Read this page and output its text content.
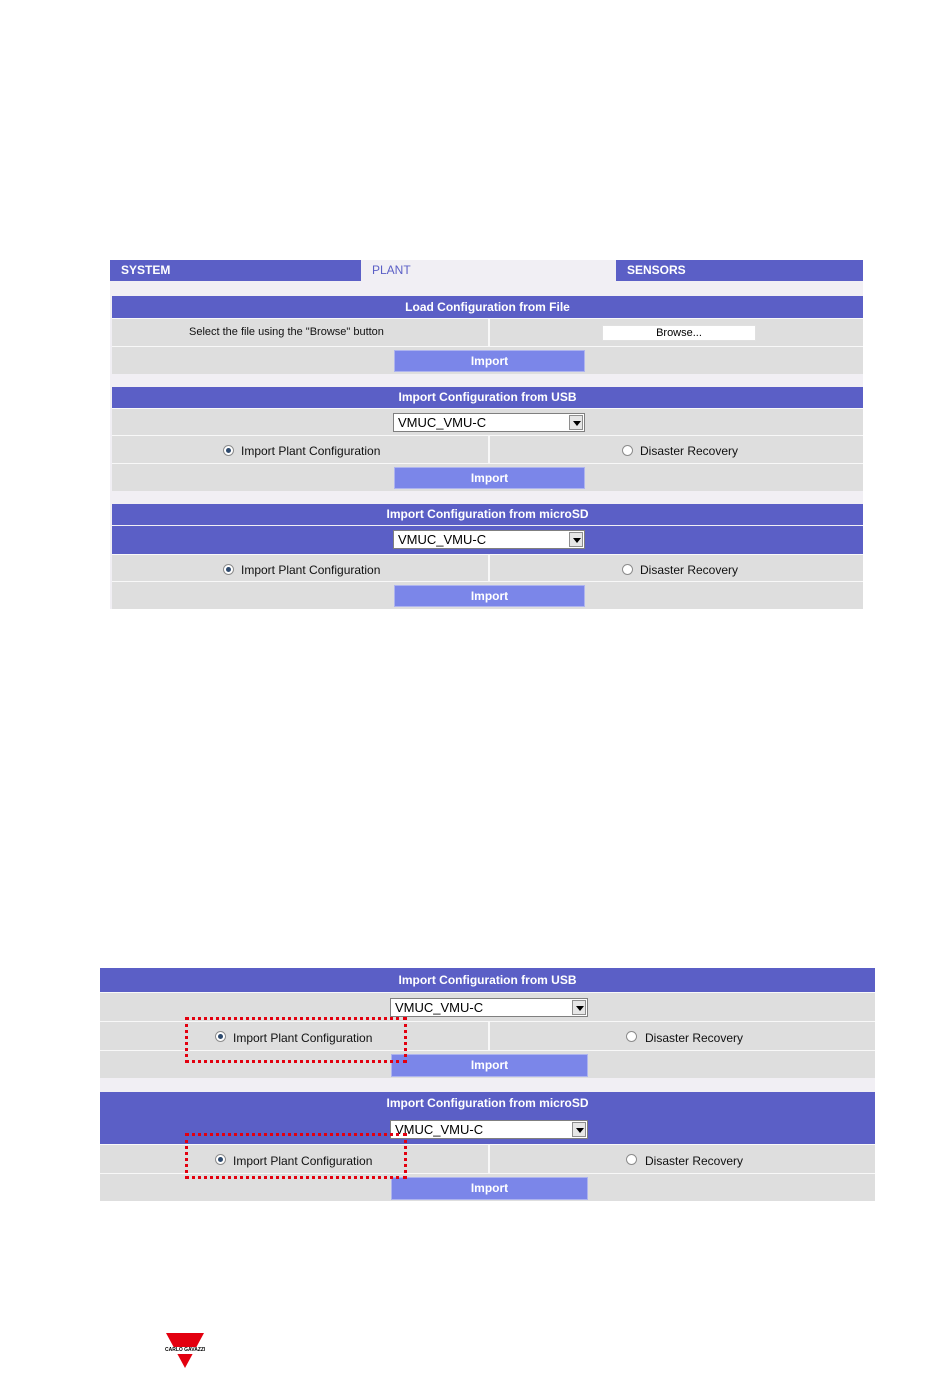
SYSTEM	PLANT	SENSORS
Load Configuration from File
Select the file using the "Browse" button	Browse...
Import
Import Configuration from USB
VMUC_VMU-C
Import Plant Configuration	Disaster Recovery
Import
Import Configuration from microSD
VMUC_VMU-C
Import Plant Configuration	Disaster Recovery
Import
Import Configuration from USB
VMUC_VMU-C
Import Plant Configuration	Disaster Recovery
Import
Import Configuration from microSD
VMUC_VMU-C
Import Plant Configuration	Disaster Recovery
Import
CARLO GAVAZZI
